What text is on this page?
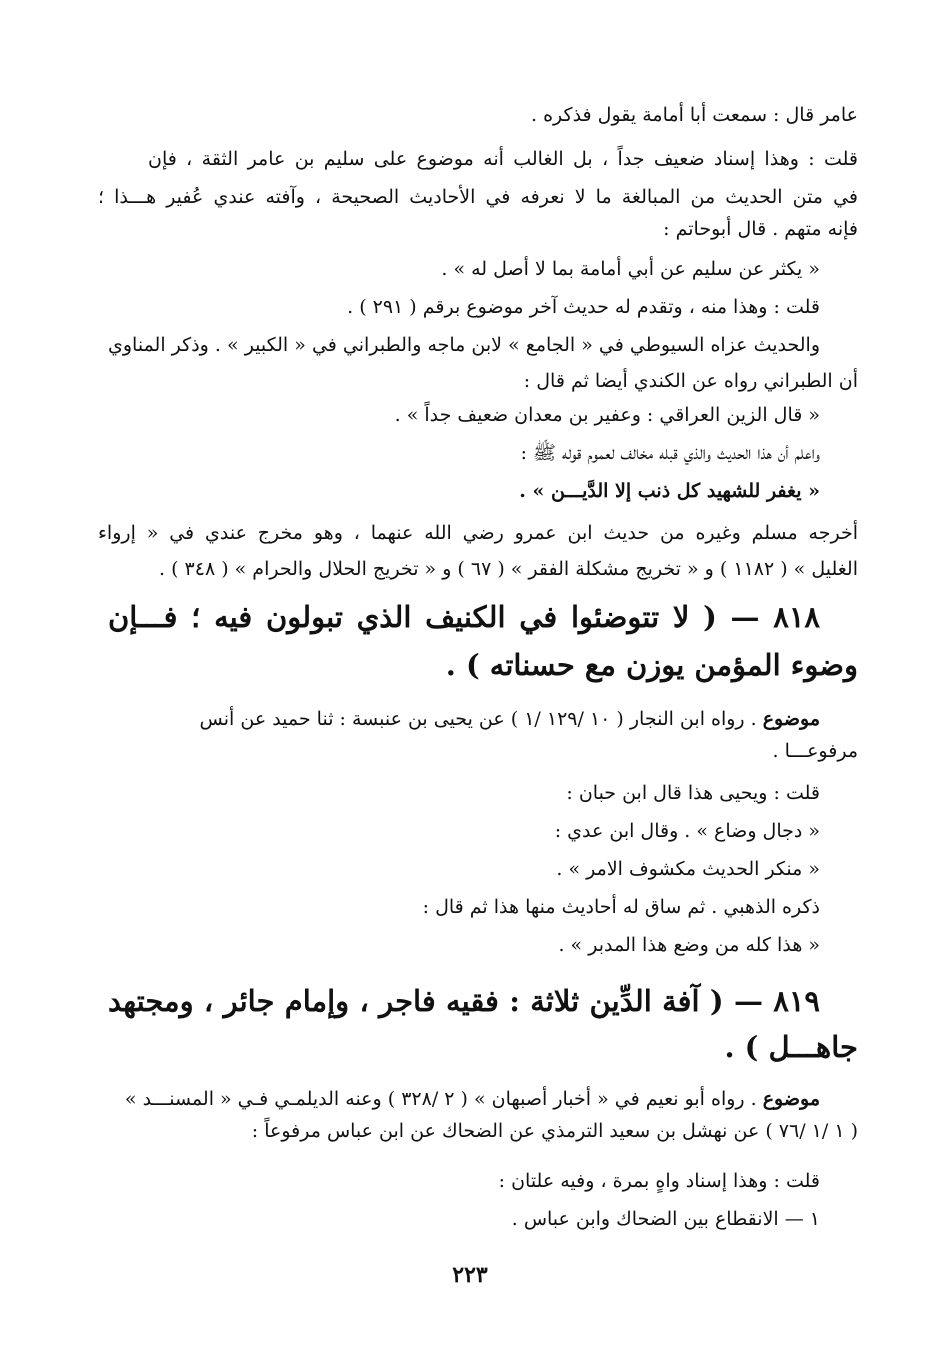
عامر قال : سمعت أبا أمامة يقول فذكره .
قلت : وهذا إسناد ضعيف جداً ، بل الغالب أنه موضوع على سليم بن عامر الثقة ، فإن
في متن الحديث من المبالغة ما لا نعرفه في الأحاديث الصحيحة ، وآفته عندي عُفير هـــذا ؛
فإنه متهم . قال أبوحاتم :
« يكثر عن سليم عن أبي أمامة بما لا أصل له » .
قلت : وهذا منه ، وتقدم له حديث آخر موضوع برقم ( ٢٩١ ) .
والحديث عزاه السيوطي في « الجامع » لابن ماجه والطبراني في « الكبير » . وذكر المناوي
أن الطبراني رواه عن الكندي أيضا ثم قال :
« قال الزين العراقي : وعفير بن معدان ضعيف جداً » .
واعلم أن هذا الحديث والذي قبله مخالف لعموم قوله ﷺ :
« يغفر للشهيد كل ذنب إلا الدَّيـــن » .
أخرجه مسلم وغيره من حديث ابن عمرو رضي الله عنهما ، وهو مخرج عندي في « إرواء
الغليل » ( ١١٨٢ ) و « تخريج مشكلة الفقر » ( ٦٧ ) و « تخريج الحلال والحرام » ( ٣٤٨ ) .
٨١٨ — ( لا تتوضئوا في الكنيف الذي تبولون فيه ؛ فـــإن
وضوء المؤمن يوزن مع حسناته ) .
موضوع . رواه ابن النجار ( ١٠ /١٢٩ /١ ) عن يحيى بن عنبسة : ثنا حميد عن أنس
مرفوعـــا .
قلت : ويحيى هذا قال ابن حبان :
« دجال وضاع » . وقال ابن عدي :
« منكر الحديث مكشوف الامر » .
ذكره الذهبي . ثم ساق له أحاديث منها هذا ثم قال :
« هذا كله من وضع هذا المدبر » .
٨١٩ — ( آفة الدِّين ثلاثة : فقيه فاجر ، وإمام جائر ، ومجتهد
جاهـــل ) .
موضوع . رواه أبو نعيم في « أخبار أصبهان » ( ٢ /٣٢٨ ) وعنه الديلمـي فـي « المسنـــد »
( ١ /١ /٧٦ ) عن نهشل بن سعيد الترمذي عن الضحاك عن ابن عباس مرفوعاً :
قلت : وهذا إسناد واهٍ بمرة ، وفيه علتان :
١ — الانقطاع بين الضحاك وابن عباس .
٢٢٣
